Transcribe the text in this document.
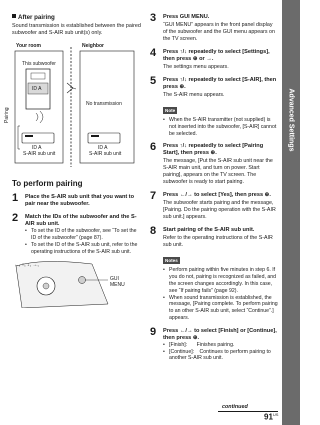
Advanced Settings
After pairing
Sound transmission is established between the paired subwoofer and S-AIR sub unit(s) only.
Your room	Neighbor
This subwoofer
ID A
No transmission
ID A
S-AIR sub unit
ID A
S-AIR sub unit
Pairing
To perform pairing
1 Place the S-AIR sub unit that you want to pair near the subwoofer.
2 Match the IDs of the subwoofer and the S-AIR sub unit.
• To set the ID of the subwoofer, see “To set the ID of the subwoofer” (page 87).
• To set the ID of the S-AIR sub unit, refer to the operating instructions of the S-AIR sub unit.
←, ↑, ↓, →,
GUI MENU
3 Press GUI MENU.
“GUI MENU” appears in the front panel display of the subwoofer and the GUI menu appears on the TV screen.
4 Press ↑/↓ repeatedly to select [Settings], then press ⊕ or →.
The settings menu appears.
5 Press ↑/↓ repeatedly to select [S-AIR], then press ⊕.
The S-AIR menu appears.
Note
• When the S-AIR transmitter (not supplied) is not inserted into the subwoofer, [S-AIR] cannot be selected.
6 Press ↑/↓ repeatedly to select [Pairing Start], then press ⊕.
The message, [Put the S-AIR sub unit near the S-AIR main unit, and turn on power. Start pairing], appears on the TV screen. The subwoofer is ready to start pairing.
7 Press ←/→ to select [Yes], then press ⊕.
The subwoofer starts pairing and the message, [Pairing. Do the pairing operation with the S-AIR sub unit.] appears.
8 Start pairing of the S-AIR sub unit.
Refer to the operating instructions of the S-AIR sub unit.
Notes
• Perform pairing within five minutes in step 6. If you do not, pairing is recognized as failed, and the screen changes accordingly. In this case, see “If pairing fails” (page 92).
• When sound transmission is established, the message, [Pairing complete. To perform pairing to an other S-AIR sub unit, select “Continue”.] appears.
9 Press ←/→ to select [Finish] or [Continue], then press ⊕.
• [Finish]: Finishes pairing.
• [Continue]: Continues to perform pairing to another S-AIR sub unit.
continued
$91^{US}$
